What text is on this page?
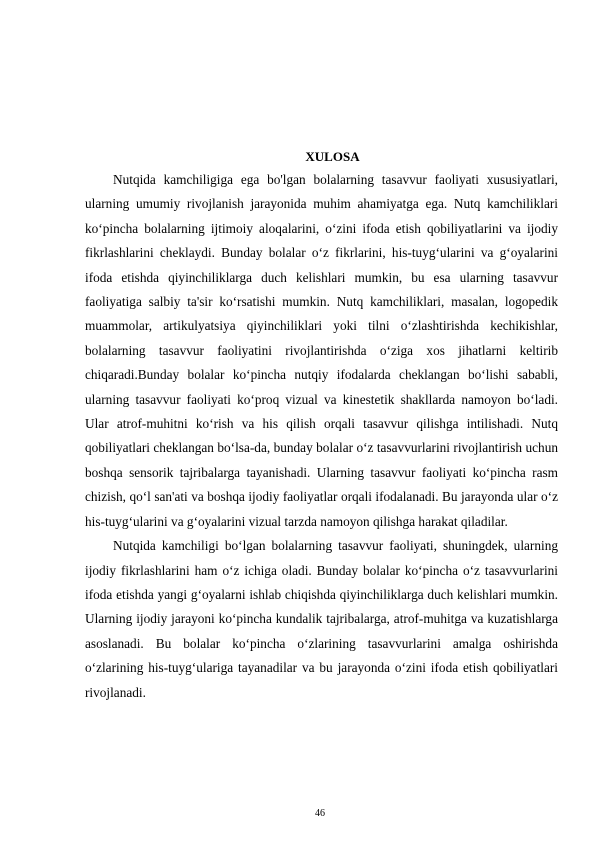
XULOSA

Nutqida kamchiligiga ega bo'lgan bolalarning tasavvur faoliyati xususiyatlari, ularning umumiy rivojlanish jarayonida muhim ahamiyatga ega. Nutq kamchiliklari ko‘pincha bolalarning ijtimoiy aloqalarini, o‘zini ifoda etish qobiliyatlarini va ijodiy fikrlashlarini cheklaydi. Bunday bolalar o‘z fikrlarini, his-tuyg‘ularini va g‘oyalarini ifoda etishda qiyinchiliklarga duch kelishlari mumkin, bu esa ularning tasavvur faoliyatiga salbiy ta'sir ko‘rsatishi mumkin. Nutq kamchiliklari, masalan, logopedik muammolar, artikulyatsiya qiyinchiliklari yoki tilni o‘zlashtirishda kechikishlar, bolalarning tasavvur faoliyatini rivojlantirishda o‘ziga xos jihatlarni keltirib chiqaradi.Bunday bolalar ko‘pincha nutqiy ifodalarda cheklangan bo‘lishi sababli, ularning tasavvur faoliyati ko‘proq vizual va kinestetik shakllarda namoyon bo‘ladi. Ular atrof-muhitni ko‘rish va his qilish orqali tasavvur qilishga intilishadi. Nutq qobiliyatlari cheklangan bo‘lsa-da, bunday bolalar o‘z tasavvurlarini rivojlantirish uchun boshqa sensorik tajribalarga tayanishadi. Ularning tasavvur faoliyati ko‘pincha rasm chizish, qo‘l san'ati va boshqa ijodiy faoliyatlar orqali ifodalanadi. Bu jarayonda ular o‘z his-tuyg‘ularini va g‘oyalarini vizual tarzda namoyon qilishga harakat qiladilar.

Nutqida kamchiligi bo‘lgan bolalarning tasavvur faoliyati, shuningdek, ularning ijodiy fikrlashlarini ham o‘z ichiga oladi. Bunday bolalar ko‘pincha o‘z tasavvurlarini ifoda etishda yangi g‘oyalarni ishlab chiqishda qiyinchiliklarga duch kelishlari mumkin. Ularning ijodiy jarayoni ko‘pincha kundalik tajribalarga, atrof-muhitga va kuzatishlarga asoslanadi. Bu bolalar ko‘pincha o‘zlarining tasavvurlarini amalga oshirishda o‘zlarining his-tuyg‘ulariga tayanadilar va bu jarayonda o‘zini ifoda etish qobiliyatlari rivojlanadi.

46
